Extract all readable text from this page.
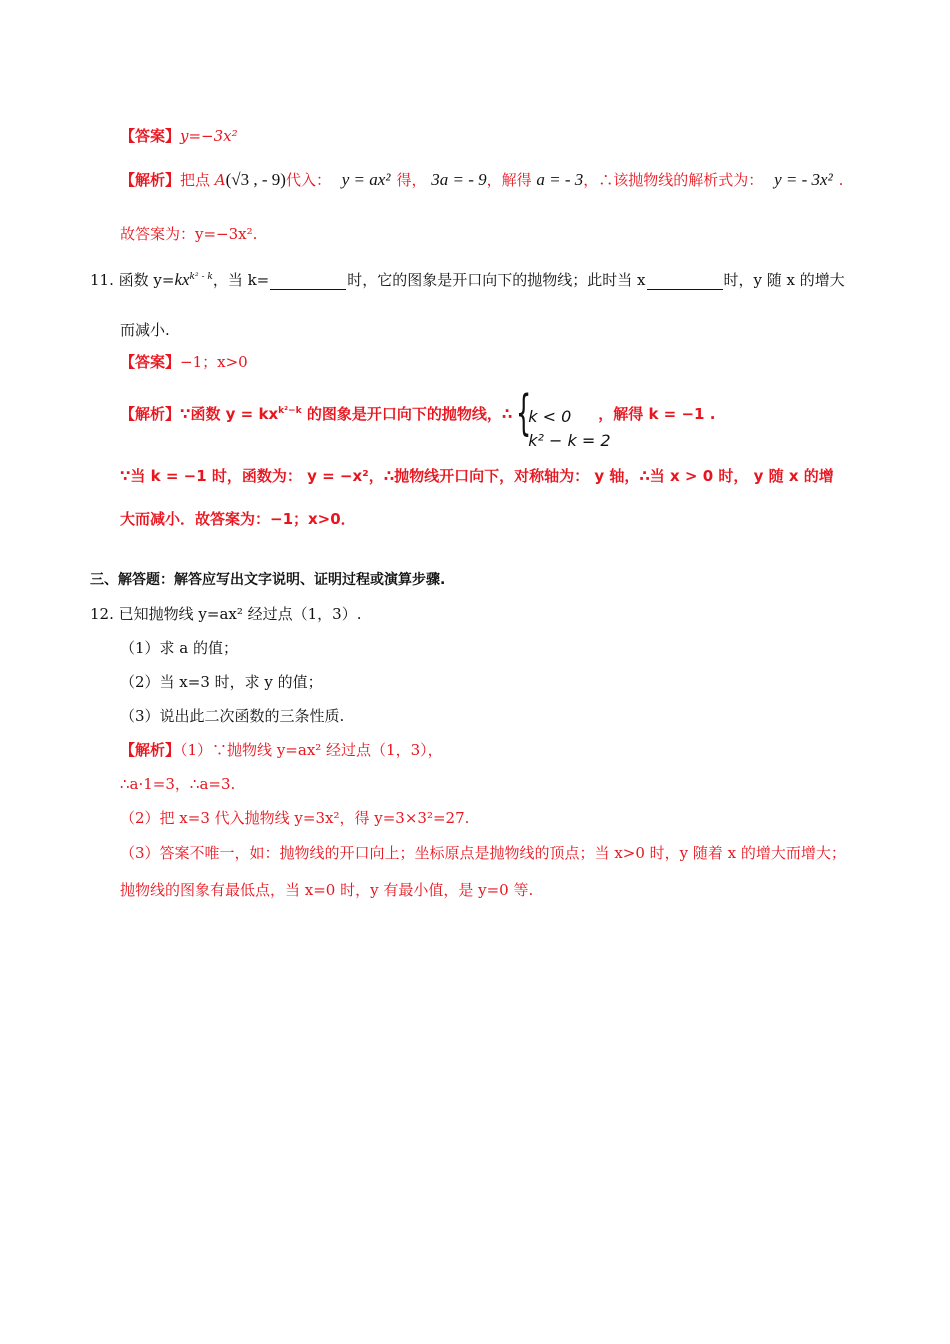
【答案】y=−3x²
【解析】把点 A(√3 , - 9)代入： y = ax² 得， 3a = - 9，解得 a = - 3，∴该抛物线的解析式为： y = - 3x² .
故答案为：y=−3x².
11. 函数 $y=kx^{k^2 - k}$，当 k=	时，它的图象是开口向下的抛物线；此时当 x	时，y 随 x 的增大
而减小.
【答案】−1；x>0
【解析】∵函数 $y = kx^{k^2-k}$ 的图象是开口向下的抛物线，∴ {
k < 0
k² − k = 2
，解得 k = −1 .
∵当 k = −1 时，函数为： y = −x²，∴抛物线开口向下，对称轴为： y 轴，∴当 x > 0 时， y 随 x 的增
大而减小．故答案为：−1；x>0．
三、解答题：解答应写出文字说明、证明过程或演算步骤.
12. 已知抛物线 y=ax² 经过点（1，3）.
（1）求 a 的值；
（2）当 x=3 时，求 y 的值；
（3）说出此二次函数的三条性质.
【解析】（1）∵抛物线 y=ax² 经过点（1，3），
∴a·1=3，∴a=3.
（2）把 x=3 代入抛物线 y=3x²，得 y=3×3²=27.
（3）答案不唯一，如：抛物线的开口向上；坐标原点是抛物线的顶点；当 x>0 时，y 随着 x 的增大而增大；
抛物线的图象有最低点，当 x=0 时，y 有最小值，是 y=0 等.
